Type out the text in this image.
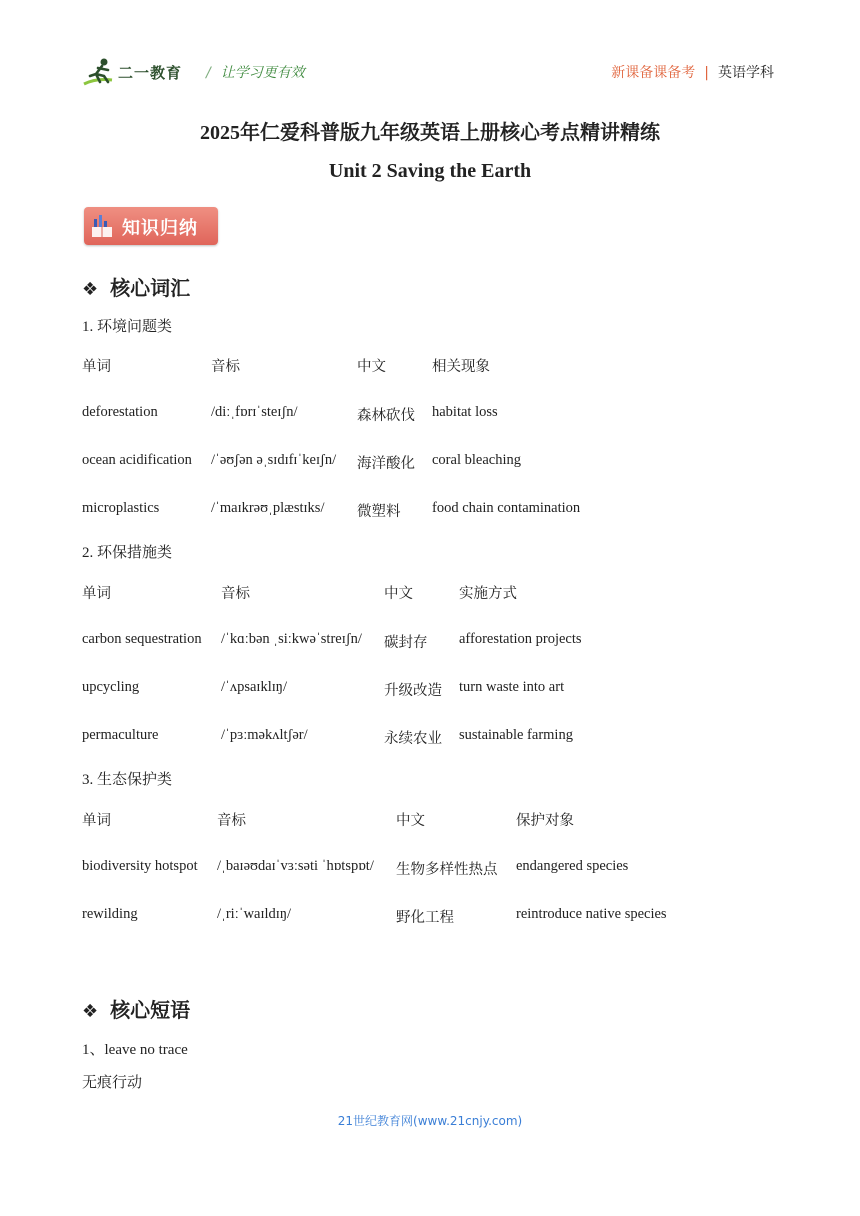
二一教育 / 让学习更有效	新课备课备考 | 英语学科
2025年仁爱科普版九年级英语上册核心考点精讲精练
Unit 2 Saving the Earth
知识归纳
❖ 核心词汇
1. 环境问题类
单词	音标	中文	相关现象
deforestation	/diːˌfɒrɪˈsteɪʃn/	森林砍伐 habitat loss
ocean acidification /ˈəʊʃən əˌsɪdɪfɪˈkeɪʃn/ 海洋酸化 coral bleaching
microplastics	/ˈmaɪkrəʊˌplæstɪks/ 微塑料 food chain contamination
2. 环保措施类
单词	音标	中文	实施方式
carbon sequestration /ˈkɑːbən ˌsiːkwəˈstreɪʃn/ 碳封存 afforestation projects
upcycling	/ˈʌpsaɪklɪŋ/	升级改造 turn waste into art
permaculture	/ˈpɜːməkʌltʃər/	永续农业 sustainable farming
3. 生态保护类
单词	音标	中文	保护对象
biodiversity hotspot /ˌbaɪəʊdaɪˈvɜːsəti ˈhɒtspɒt/ 生物多样性热点 endangered species
rewilding	/ˌriːˈwaɪldɪŋ/	野化工程	reintroduce native species
❖ 核心短语
1、leave no trace
无痕行动
21世纪教育网(www.21cnjy.com)
